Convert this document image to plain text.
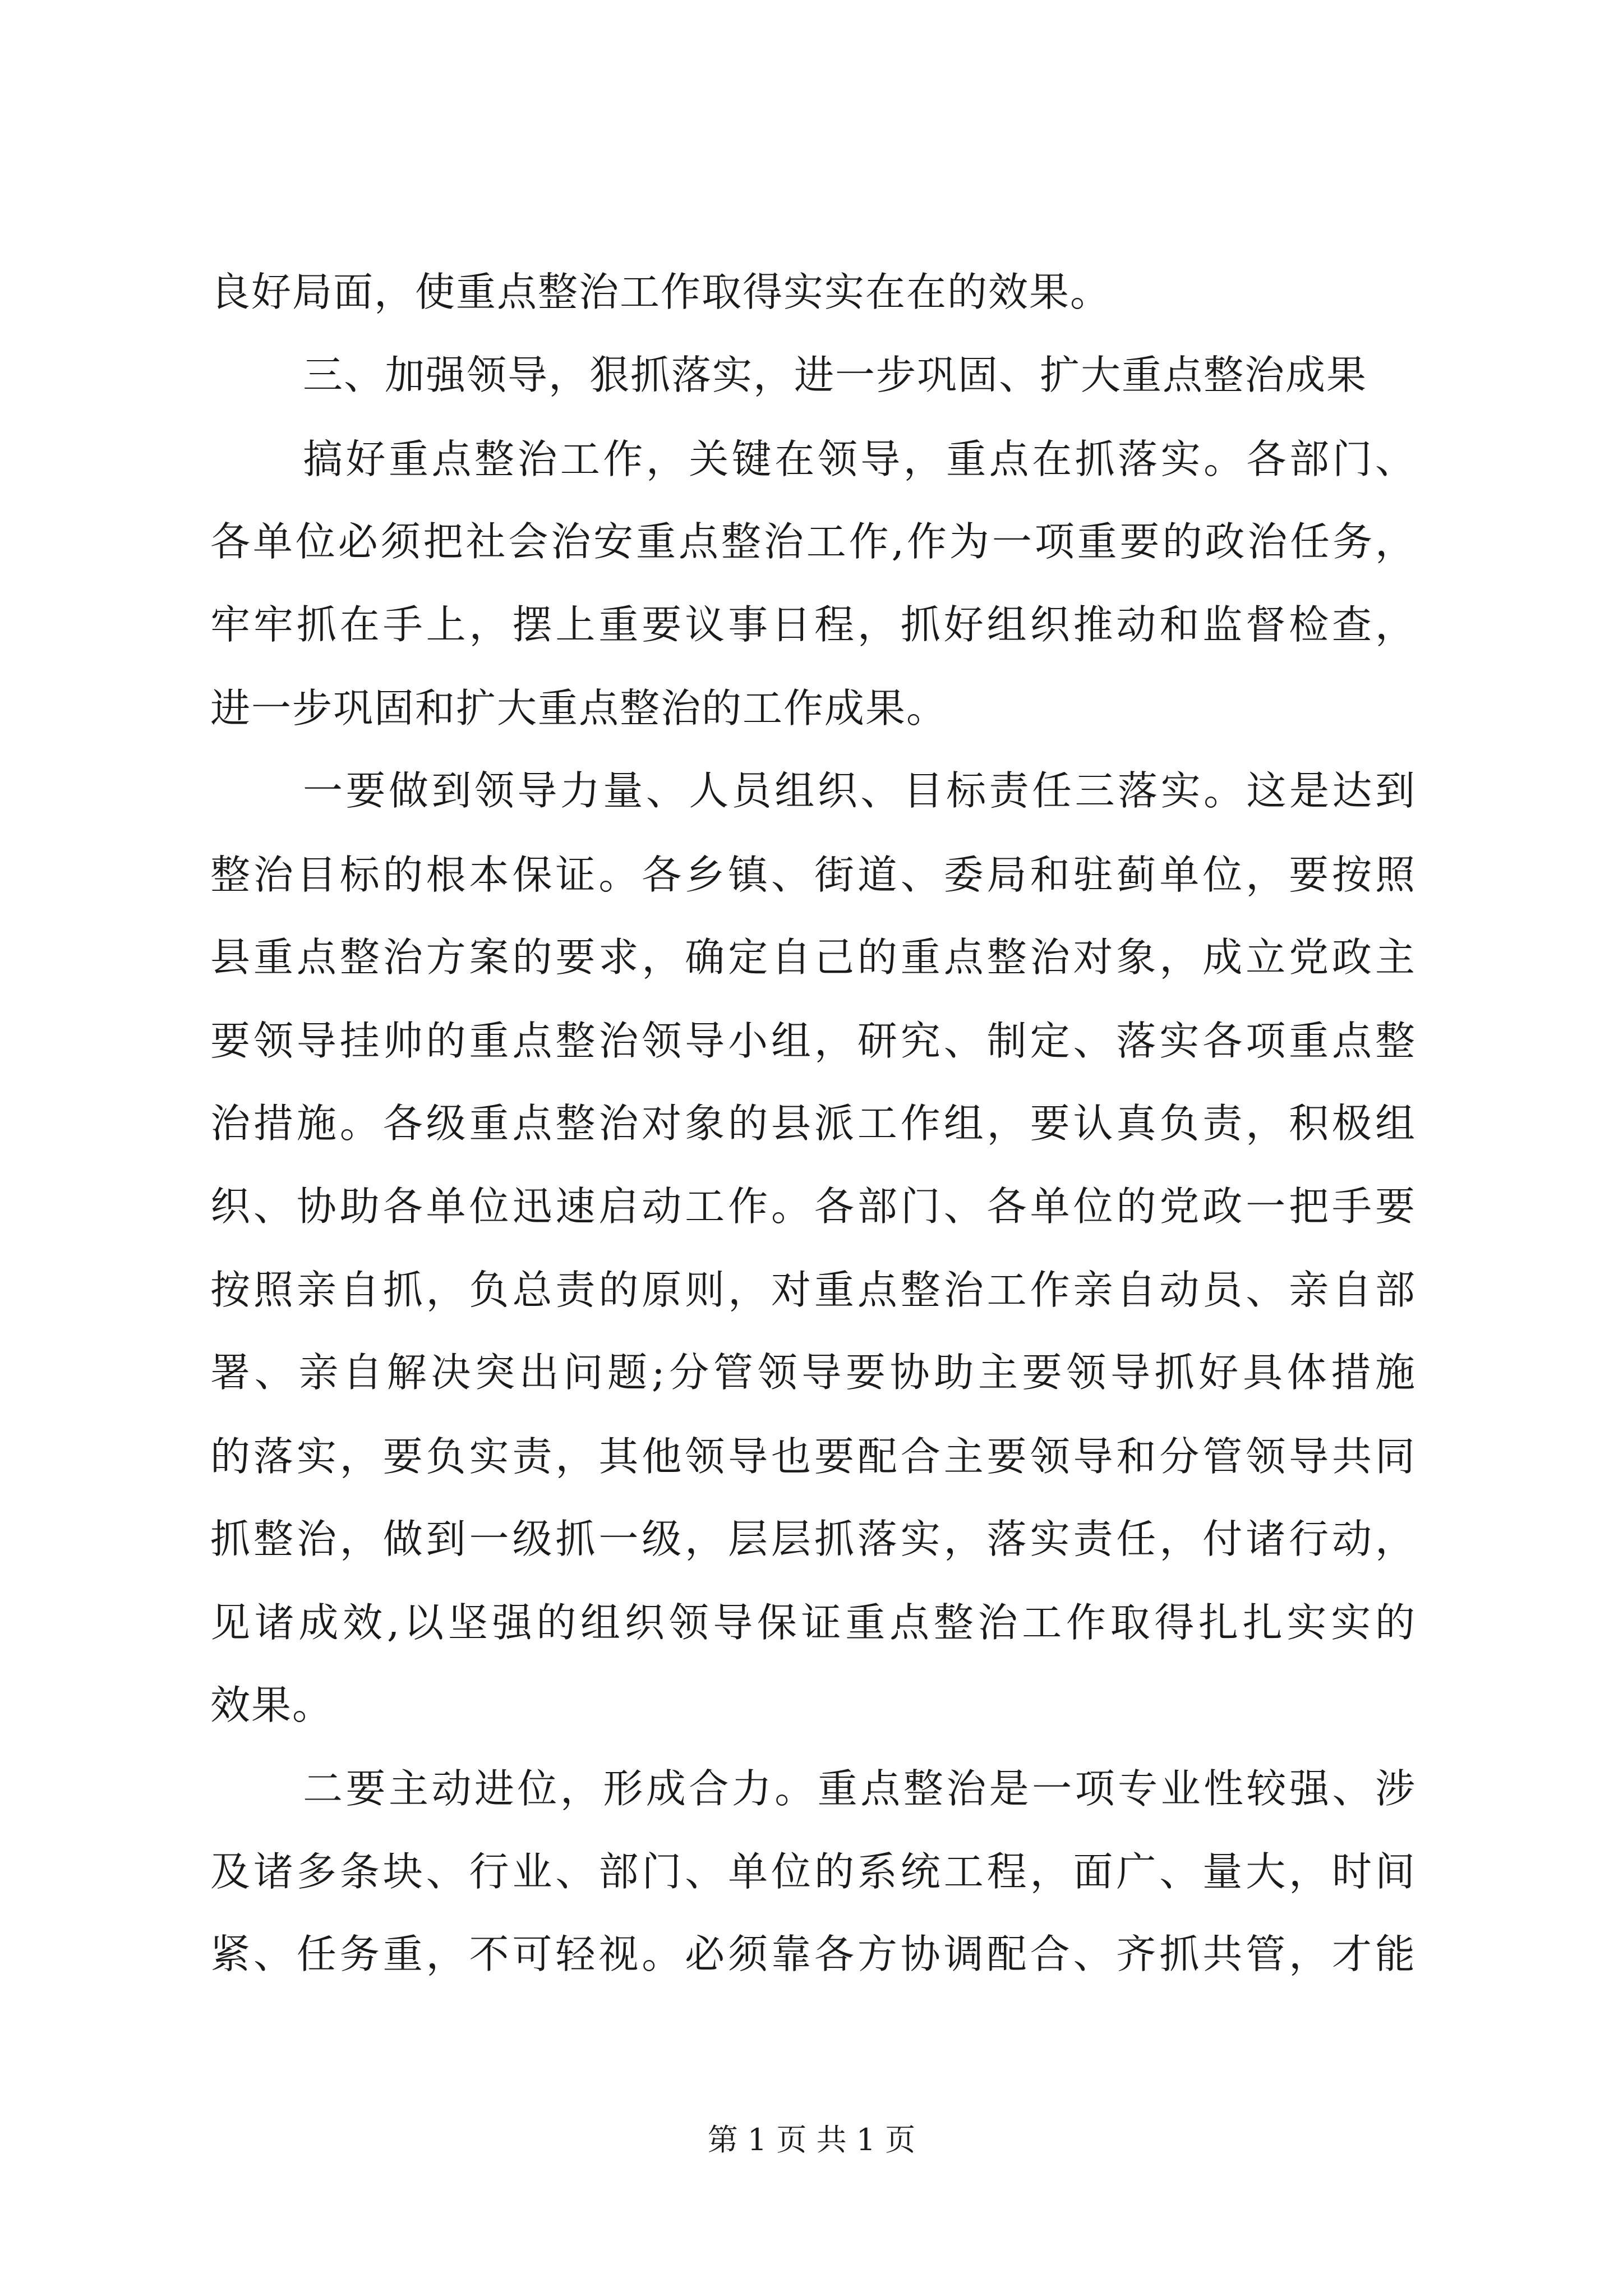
良好局面，使重点整治工作取得实实在在的效果。
三、加强领导，狠抓落实，进一步巩固、扩大重点整治成果
搞好重点整治工作，关键在领导，重点在抓落实。各部门、
各单位必须把社会治安重点整治工作,作为一项重要的政治任务，
牢牢抓在手上，摆上重要议事日程，抓好组织推动和监督检查，
进一步巩固和扩大重点整治的工作成果。
一要做到领导力量、人员组织、目标责任三落实。这是达到
整治目标的根本保证。各乡镇、街道、委局和驻蓟单位，要按照
县重点整治方案的要求，确定自己的重点整治对象，成立党政主
要领导挂帅的重点整治领导小组，研究、制定、落实各项重点整
治措施。各级重点整治对象的县派工作组，要认真负责，积极组
织、协助各单位迅速启动工作。各部门、各单位的党政一把手要
按照亲自抓，负总责的原则，对重点整治工作亲自动员、亲自部
署、亲自解决突出问题;分管领导要协助主要领导抓好具体措施
的落实，要负实责，其他领导也要配合主要领导和分管领导共同
抓整治，做到一级抓一级，层层抓落实，落实责任，付诸行动，
见诸成效,以坚强的组织领导保证重点整治工作取得扎扎实实的
效果。
二要主动进位，形成合力。重点整治是一项专业性较强、涉
及诸多条块、行业、部门、单位的系统工程，面广、量大，时间
紧、任务重，不可轻视。必须靠各方协调配合、齐抓共管，才能
第 1 页 共 1 页
